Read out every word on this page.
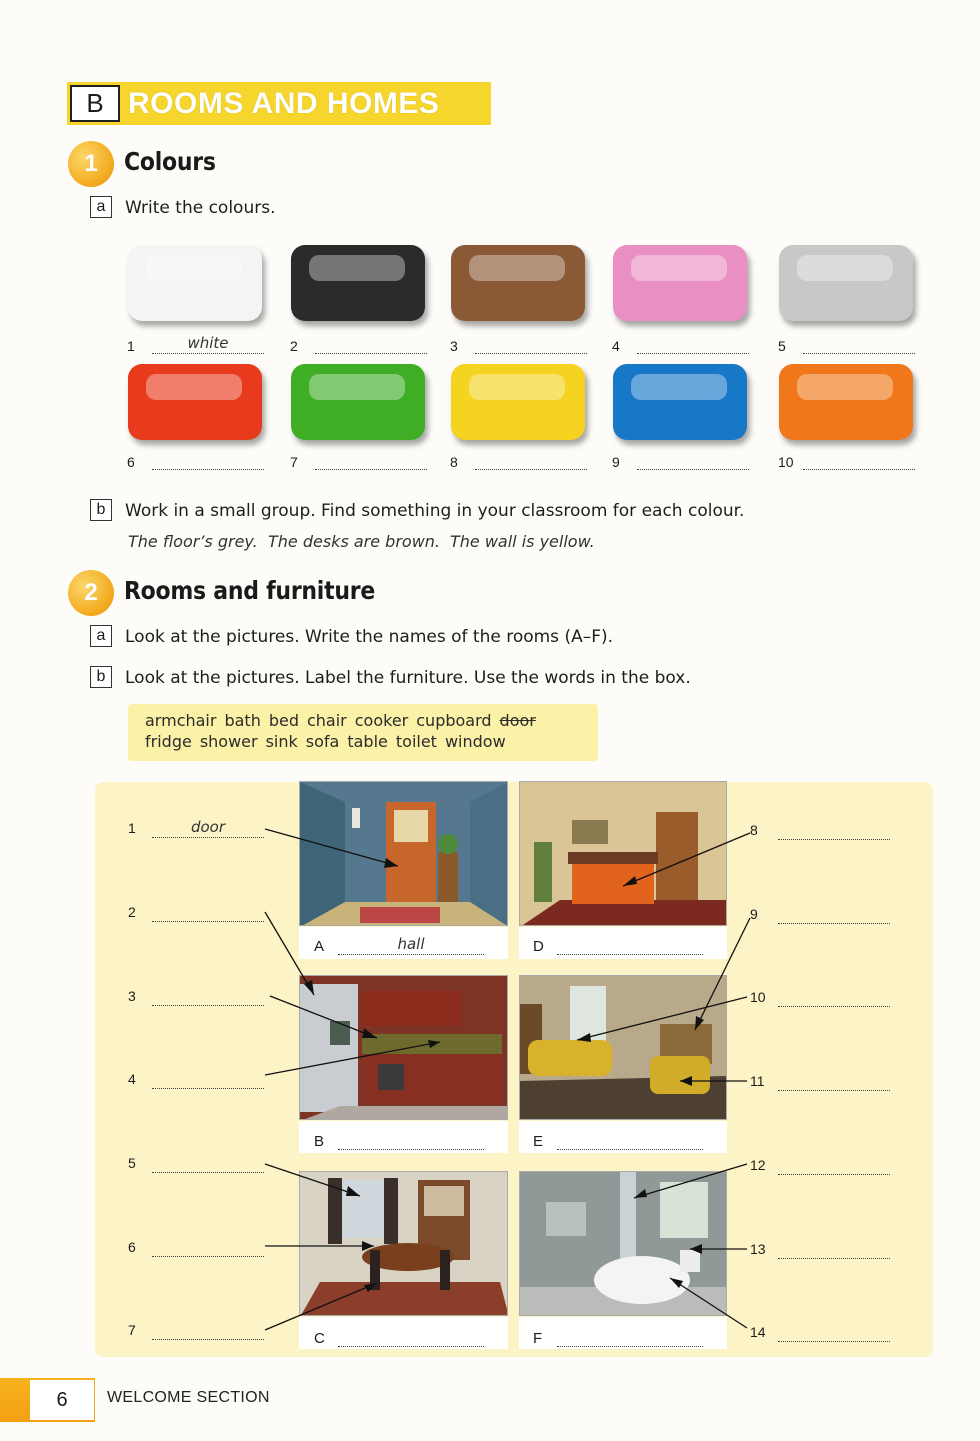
B ROOMS AND HOMES
1	Colours
a	Write the colours.
1	white	2	3	4	5
6	7	8	9	10
b	Work in a small group. Find something in your classroom for each colour.
The floor’s grey. The desks are brown. The wall is yellow.
2	Rooms and furniture
a	Look at the pictures. Write the names of the rooms (A–F).
b	Look at the pictures. Label the furniture. Use the words in the box.
armchair bath bed chair cooker cupboard door
fridge shower sink sofa table toilet window
1	door
2
3
4
5
6
7
8
9
10
11
12
13
14
A	hall
B
C
D
E
F
6	WELCOME SECTION
